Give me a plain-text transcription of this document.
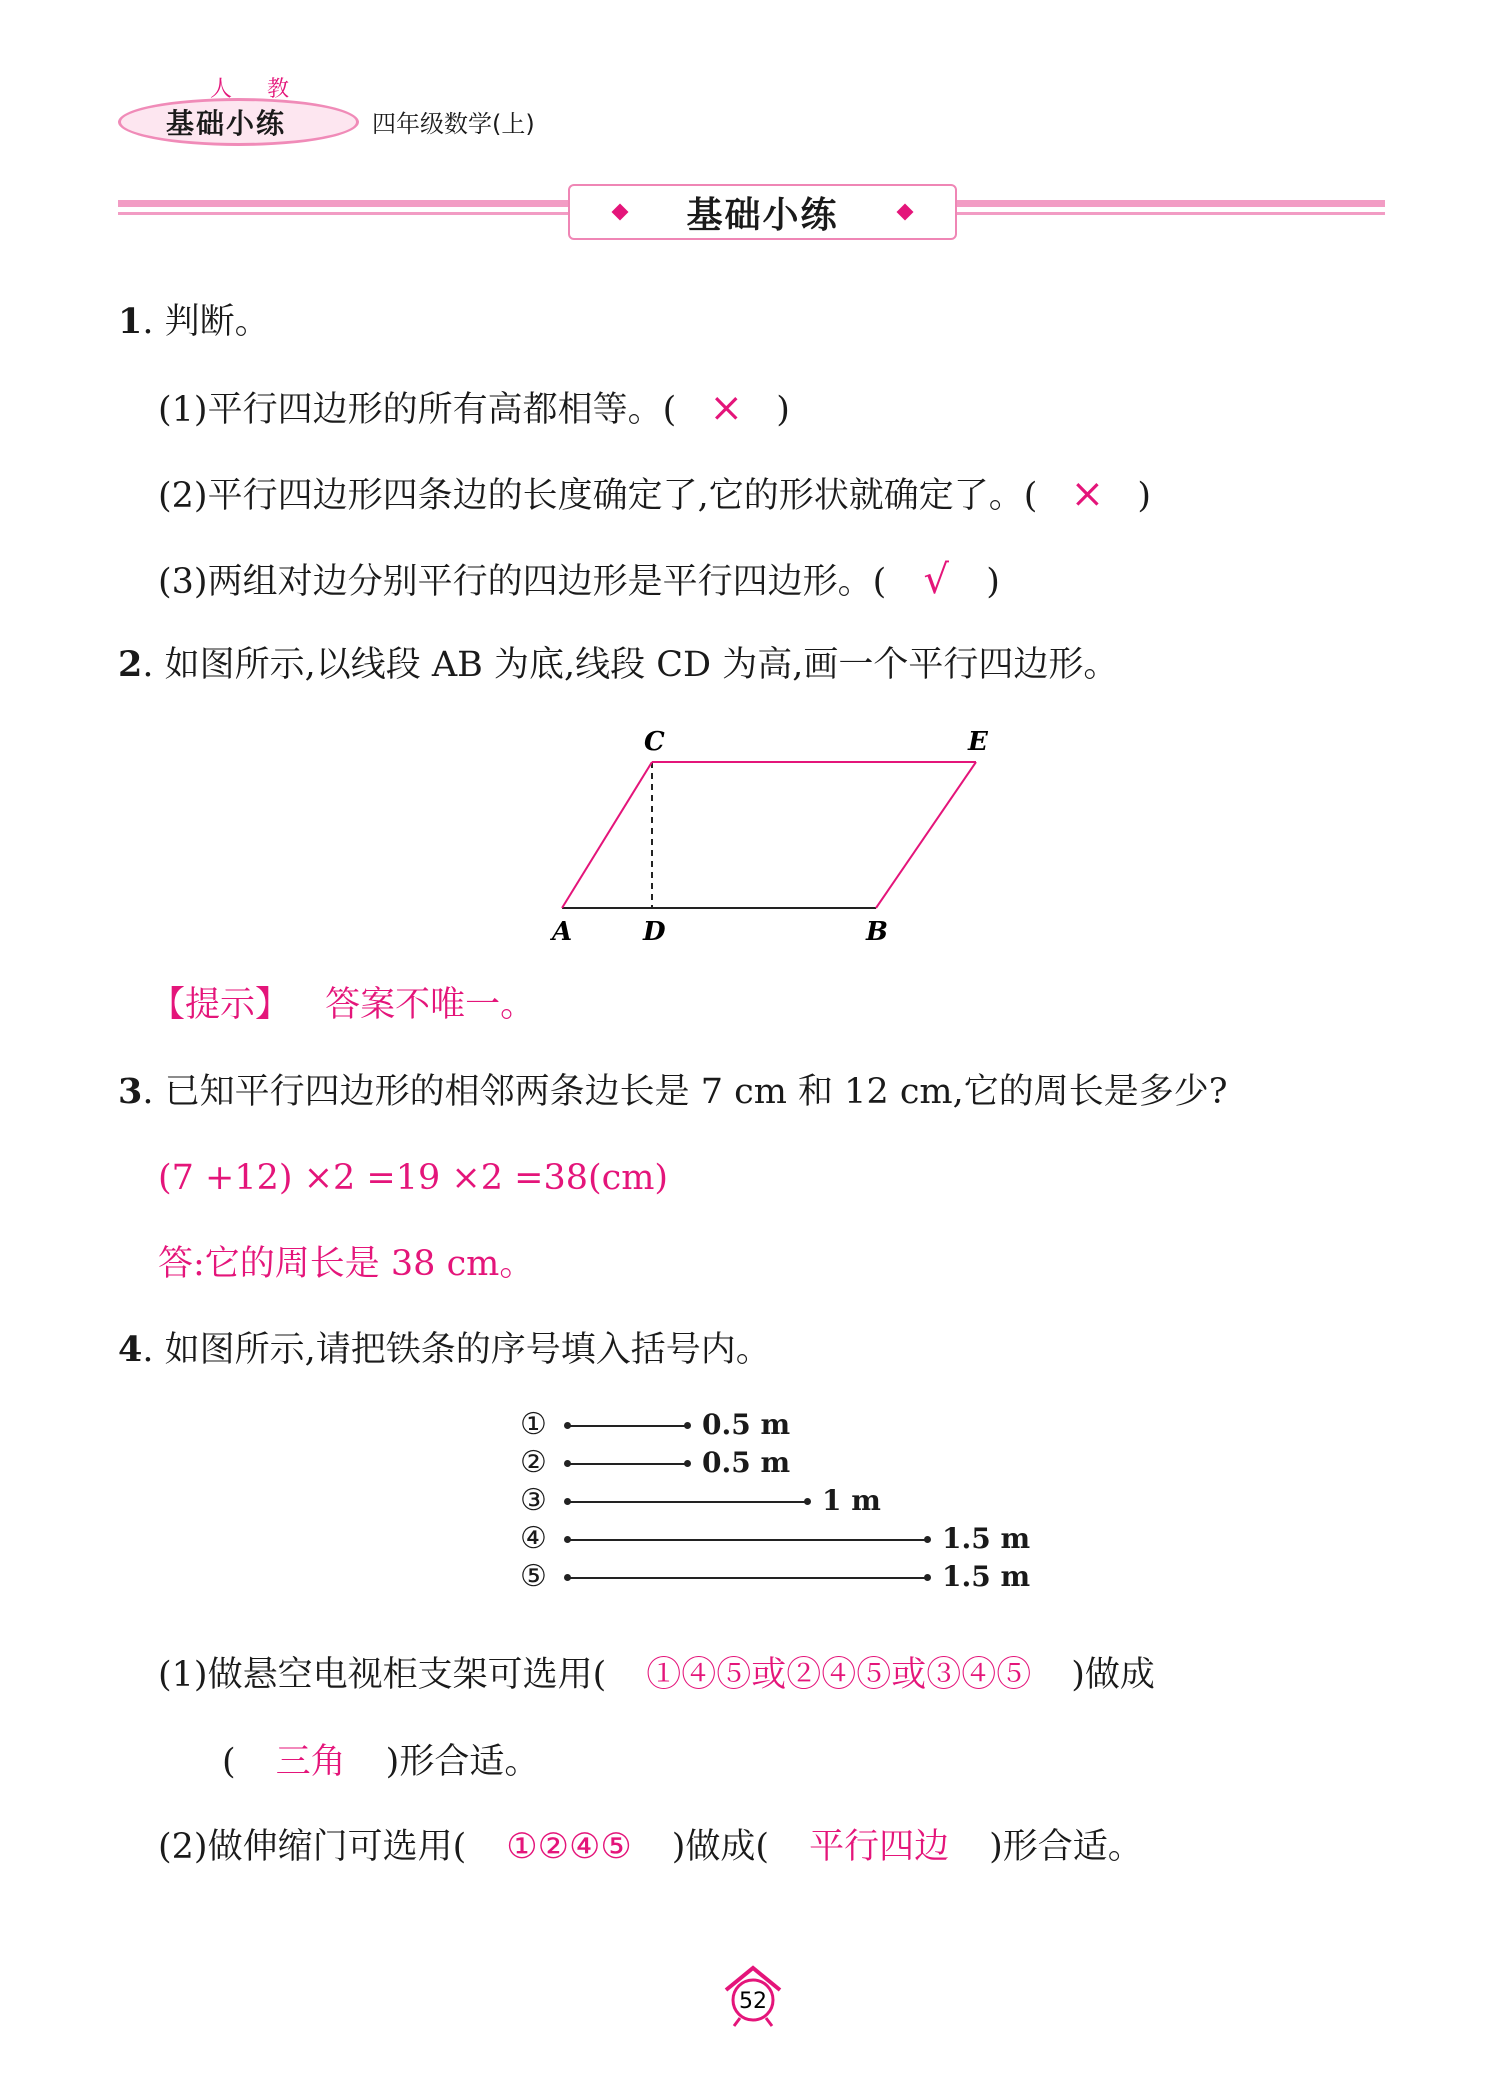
人 教
基础小练	四年级数学(上)
基础小练
1. 判断。
(1)平行四边形的所有高都相等。( × )
(2)平行四边形四条边的长度确定了,它的形状就确定了。( × )
(3)两组对边分别平行的四边形是平行四边形。( √ )
2. 如图所示,以线段 AB 为底,线段 CD 为高,画一个平行四边形。
C	E
A	D	B
【提示】 答案不唯一。
3. 已知平行四边形的相邻两条边长是 7 cm 和 12 cm,它的周长是多少?
(7 +12) ×2 =19 ×2 =38(cm)
答:它的周长是 38 cm。
4. 如图所示,请把铁条的序号填入括号内。
①	0.5 m
②	0.5 m
③	1 m
④	1.5 m
⑤	1.5 m
(1)做悬空电视柜支架可选用( ①④⑤或②④⑤或③④⑤ )做成
( 三角 )形合适。
(2)做伸缩门可选用( ①②④⑤ )做成( 平行四边 )形合适。
52
